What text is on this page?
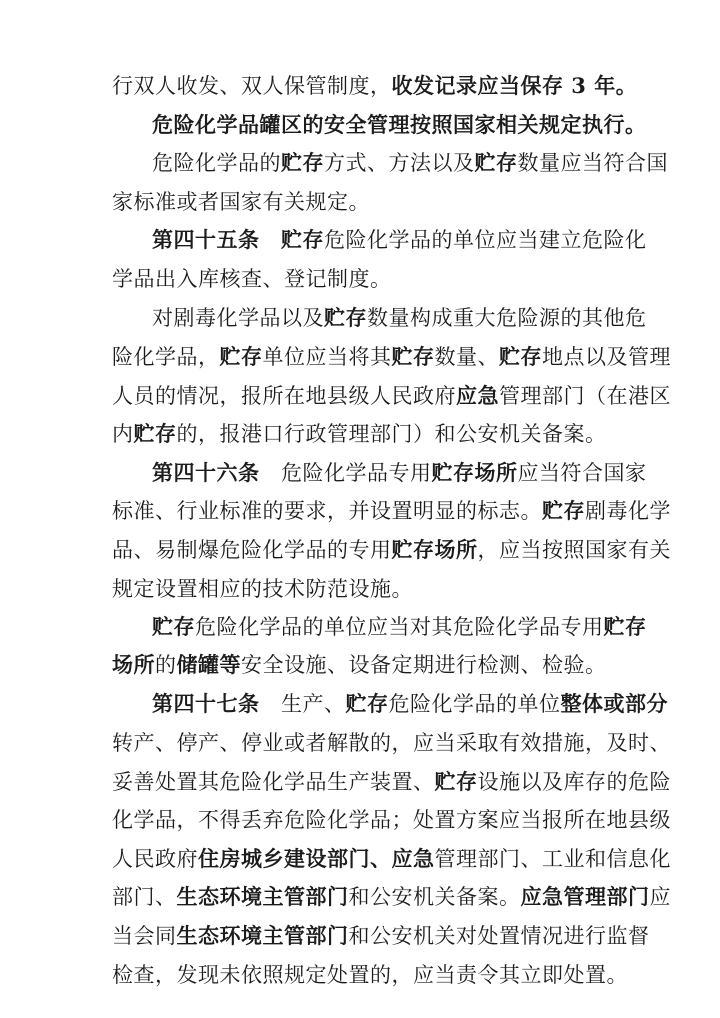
行双人收发、双人保管制度，收发记录应当保存 3 年。
危险化学品罐区的安全管理按照国家相关规定执行。
危险化学品的贮存方式、方法以及贮存数量应当符合国
家标准或者国家有关规定。
第四十五条　贮存危险化学品的单位应当建立危险化
学品出入库核查、登记制度。
对剧毒化学品以及贮存数量构成重大危险源的其他危
险化学品，贮存单位应当将其贮存数量、贮存地点以及管理
人员的情况，报所在地县级人民政府应急管理部门（在港区
内贮存的，报港口行政管理部门）和公安机关备案。
第四十六条　危险化学品专用贮存场所应当符合国家
标准、行业标准的要求，并设置明显的标志。贮存剧毒化学
品、易制爆危险化学品的专用贮存场所，应当按照国家有关
规定设置相应的技术防范设施。
贮存危险化学品的单位应当对其危险化学品专用贮存
场所的储罐等安全设施、设备定期进行检测、检验。
第四十七条　生产、贮存危险化学品的单位整体或部分
转产、停产、停业或者解散的，应当采取有效措施，及时、
妥善处置其危险化学品生产装置、贮存设施以及库存的危险
化学品，不得丢弃危险化学品；处置方案应当报所在地县级
人民政府住房城乡建设部门、应急管理部门、工业和信息化
部门、生态环境主管部门和公安机关备案。应急管理部门应
当会同生态环境主管部门和公安机关对处置情况进行监督
检查，发现未依照规定处置的，应当责令其立即处置。
